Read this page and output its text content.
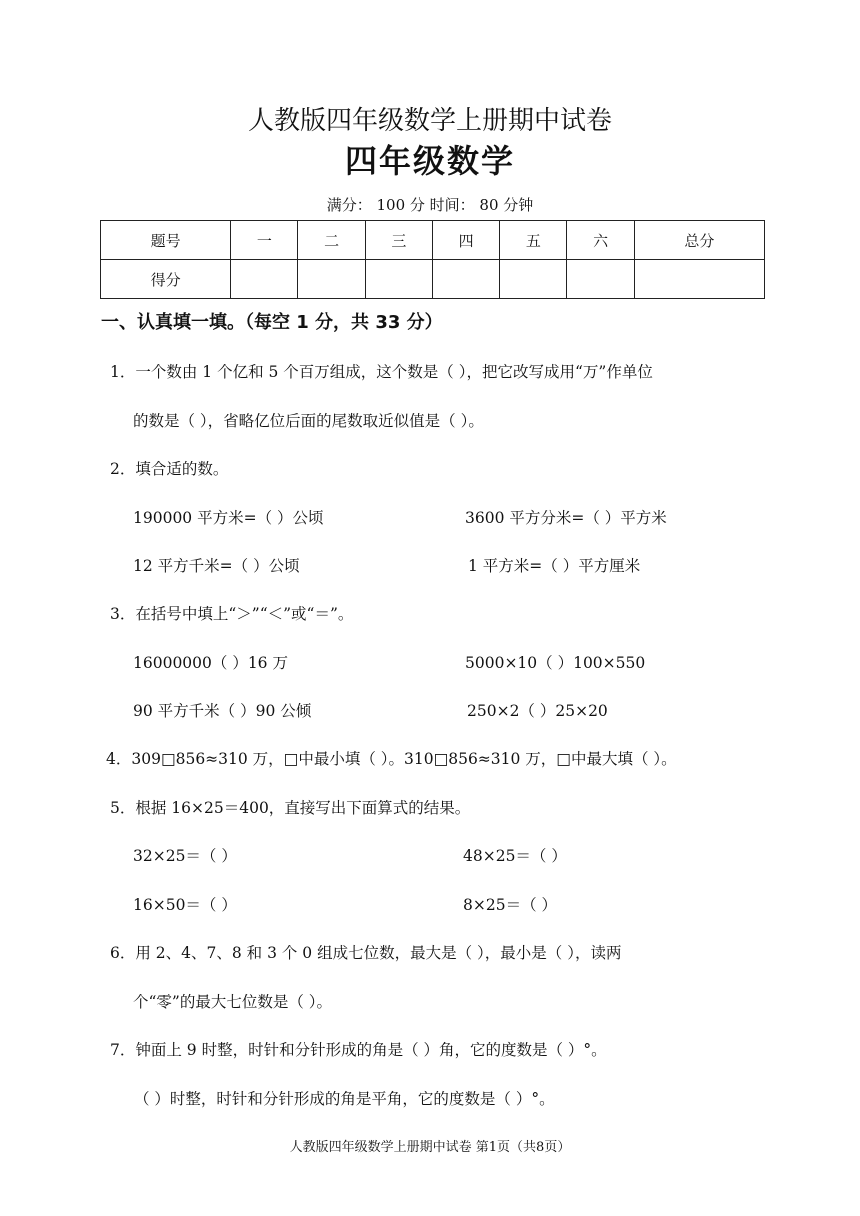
人教版四年级数学上册期中试卷
四年级数学
满分： 100 分 时间： 80 分钟
题号	一	二	三	四	五	六	总分
得分							
一、认真填一填。（每空 1 分，共 33 分）
1．一个数由 1 个亿和 5 个百万组成，这个数是（ ），把它改写成用“万”作单位
的数是（ ），省略亿位后面的尾数取近似值是（ ）。
2．填合适的数。
190000 平方米=（ ）公顷	3600 平方分米=（ ）平方米
12 平方千米=（ ）公顷	1 平方米=（ ）平方厘米
3．在括号中填上“＞”“＜”或“＝”。
16000000（ ）16 万	5000×10（ ）100×550
90 平方千米（ ）90 公倾	250×2（ ）25×20
4．309□856≈310 万，□中最小填（ ）。310□856≈310 万，□中最大填（ ）。
5．根据 16×25＝400，直接写出下面算式的结果。
32×25＝（ ）	48×25＝（ ）
16×50＝（ ）	8×25＝（ ）
6．用 2、4、7、8 和 3 个 0 组成七位数，最大是（ ），最小是（ ），读两
个“零”的最大七位数是（ ）。
7．钟面上 9 时整，时针和分针形成的角是（ ）角，它的度数是（ ）°。
（ ）时整，时针和分针形成的角是平角，它的度数是（ ）°。
人教版四年级数学上册期中试卷 第1页（共8页）
